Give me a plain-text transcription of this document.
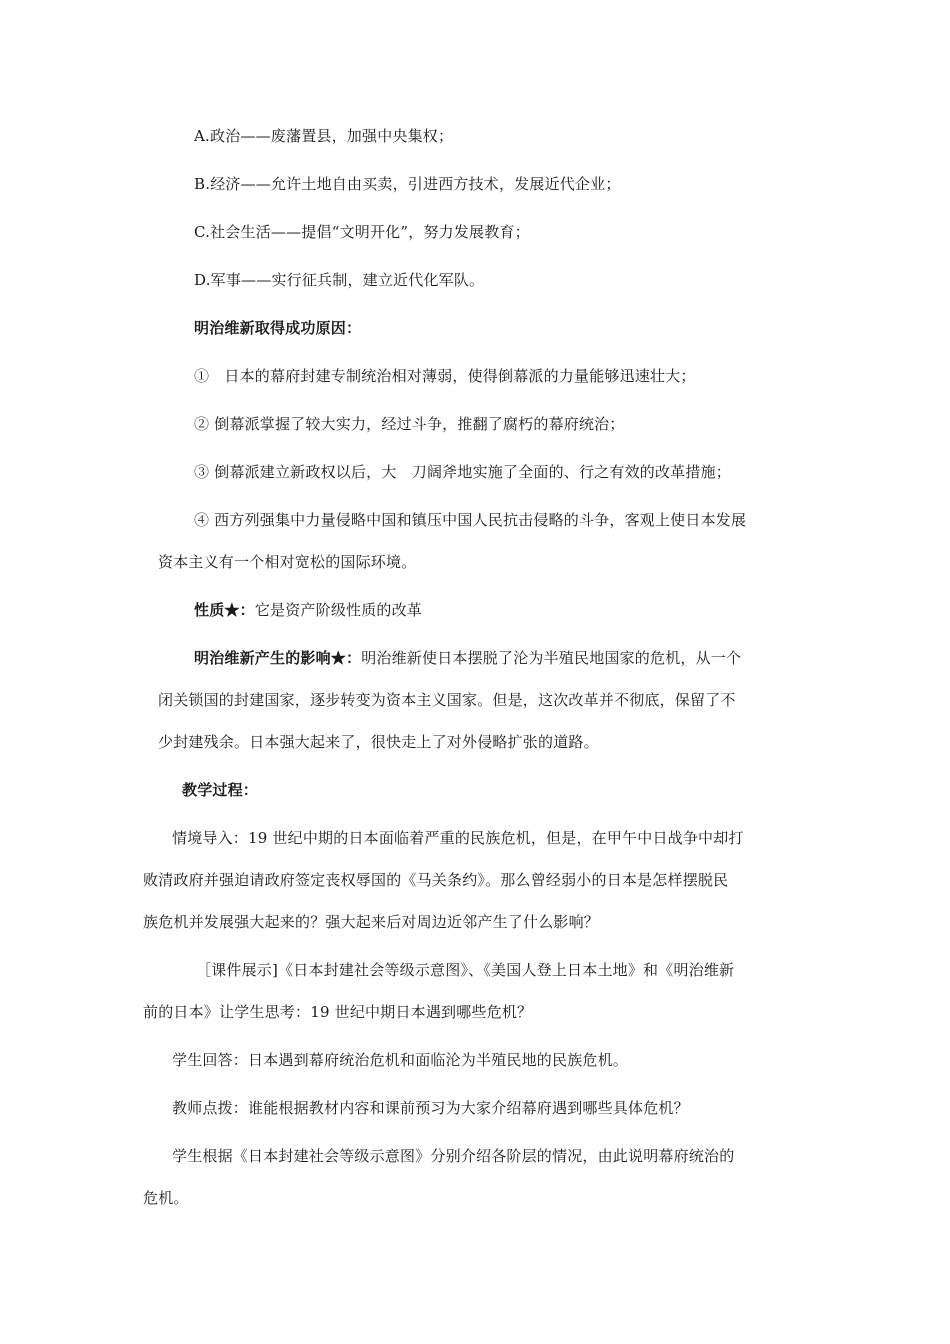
A.政治——废藩置县，加强中央集权；

B.经济——允许土地自由买卖，引进西方技术，发展近代企业；

C.社会生活——提倡“文明开化”，努力发展教育；

D.军事——实行征兵制，建立近代化军队。

明治维新取得成功原因：

①　日本的幕府封建专制统治相对薄弱，使得倒幕派的力量能够迅速壮大；

② 倒幕派掌握了较大实力，经过斗争，推翻了腐朽的幕府统治；

③ 倒幕派建立新政权以后，大　刀阔斧地实施了全面的、行之有效的改革措施；

④ 西方列强集中力量侵略中国和镇压中国人民抗击侵略的斗争，客观上使日本发展

资本主义有一个相对宽松的国际环境。

性质★：它是资产阶级性质的改革

明治维新产生的影响★：明治维新使日本摆脱了沦为半殖民地国家的危机，从一个

闭关锁国的封建国家，逐步转变为资本主义国家。但是，这次改革并不彻底，保留了不

少封建残余。日本强大起来了，很快走上了对外侵略扩张的道路。

教学过程：

情境导入：19 世纪中期的日本面临着严重的民族危机，但是，在甲午中日战争中却打

败清政府并强迫请政府签定丧权辱国的《马关条约》。那么曾经弱小的日本是怎样摆脱民

族危机并发展强大起来的？强大起来后对周边近邻产生了什么影响？

［课件展示]《日本封建社会等级示意图》、《美国人登上日本土地》和《明治维新

前的日本》让学生思考：19 世纪中期日本遇到哪些危机？

学生回答：日本遇到幕府统治危机和面临沦为半殖民地的民族危机。

教师点拨：谁能根据教材内容和课前预习为大家介绍幕府遇到哪些具体危机？

学生根据《日本封建社会等级示意图》分别介绍各阶层的情况，由此说明幕府统治的

危机。
